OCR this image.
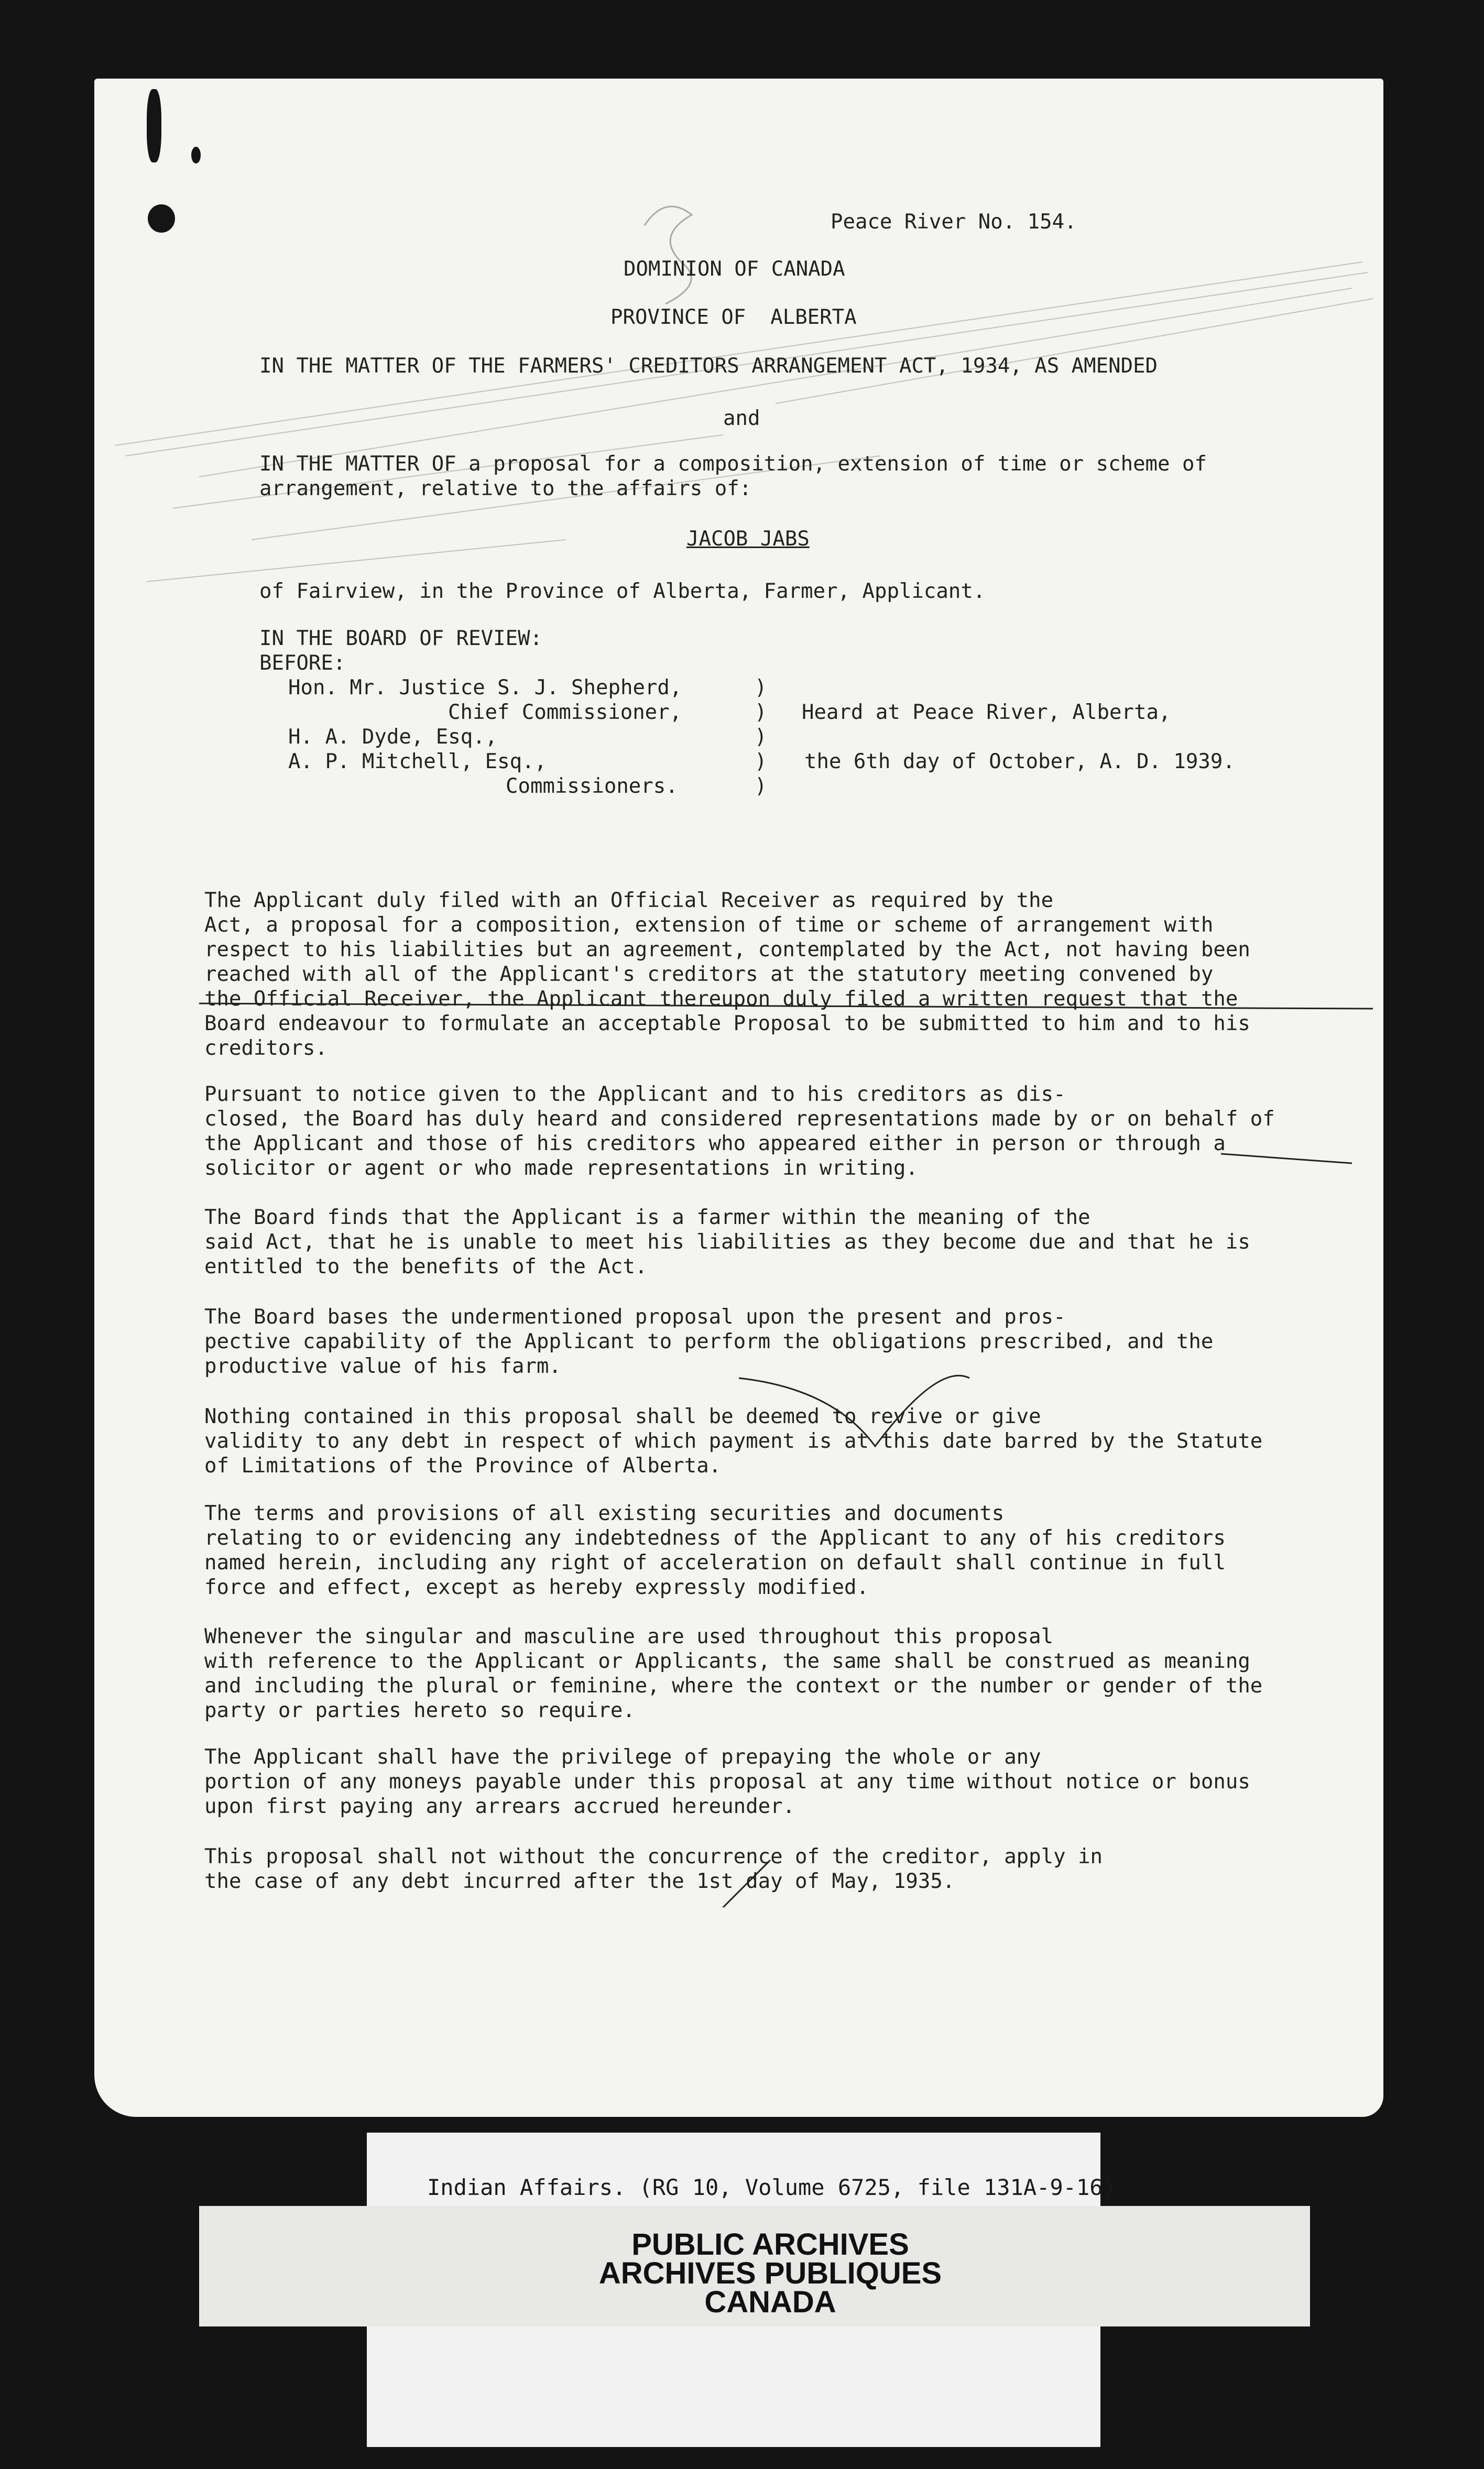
Peace River No. 154.
DOMINION OF CANADA
PROVINCE OF  ALBERTA
IN THE MATTER OF THE FARMERS' CREDITORS ARRANGEMENT ACT, 1934, AS AMENDED
and
IN THE MATTER OF a proposal for a composition, extension of time or scheme of
arrangement, relative to the affairs of:
JACOB JABS
of Fairview, in the Province of Alberta, Farmer, Applicant.
IN THE BOARD OF REVIEW:
BEFORE:
Hon. Mr. Justice S. J. Shepherd,
Chief Commissioner,
H. A. Dyde, Esq.,
A. P. Mitchell, Esq.,
Commissioners.
)
)
)
)
)
Heard at Peace River, Alberta,
the 6th day of October, A. D. 1939.

The Applicant duly filed with an Official Receiver as required by the
Act, a proposal for a composition, extension of time or scheme of arrangement with
respect to his liabilities but an agreement, contemplated by the Act, not having been
reached with all of the Applicant's creditors at the statutory meeting convened by
the Official Receiver, the Applicant thereupon duly filed a written request that the
Board endeavour to formulate an acceptable Proposal to be submitted to him and to his
creditors.

Pursuant to notice given to the Applicant and to his creditors as dis-
closed, the Board has duly heard and considered representations made by or on behalf of
the Applicant and those of his creditors who appeared either in person or through a
solicitor or agent or who made representations in writing.

The Board finds that the Applicant is a farmer within the meaning of the
said Act, that he is unable to meet his liabilities as they become due and that he is
entitled to the benefits of the Act.

The Board bases the undermentioned proposal upon the present and pros-
pective capability of the Applicant to perform the obligations prescribed, and the
productive value of his farm.

Nothing contained in this proposal shall be deemed to revive or give
validity to any debt in respect of which payment is at this date barred by the Statute
of Limitations of the Province of Alberta.

The terms and provisions of all existing securities and documents
relating to or evidencing any indebtedness of the Applicant to any of his creditors
named herein, including any right of acceleration on default shall continue in full
force and effect, except as hereby expressly modified.

Whenever the singular and masculine are used throughout this proposal
with reference to the Applicant or Applicants, the same shall be construed as meaning
and including the plural or feminine, where the context or the number or gender of the
party or parties hereto so require.

The Applicant shall have the privilege of prepaying the whole or any
portion of any moneys payable under this proposal at any time without notice or bonus
upon first paying any arrears accrued hereunder.

This proposal shall not without the concurrence of the creditor, apply in
the case of any debt incurred after the 1st day of May, 1935.

Indian Affairs. (RG 10, Volume 6725, file 131A-9-16)
PUBLIC ARCHIVES
ARCHIVES PUBLIQUES
CANADA
